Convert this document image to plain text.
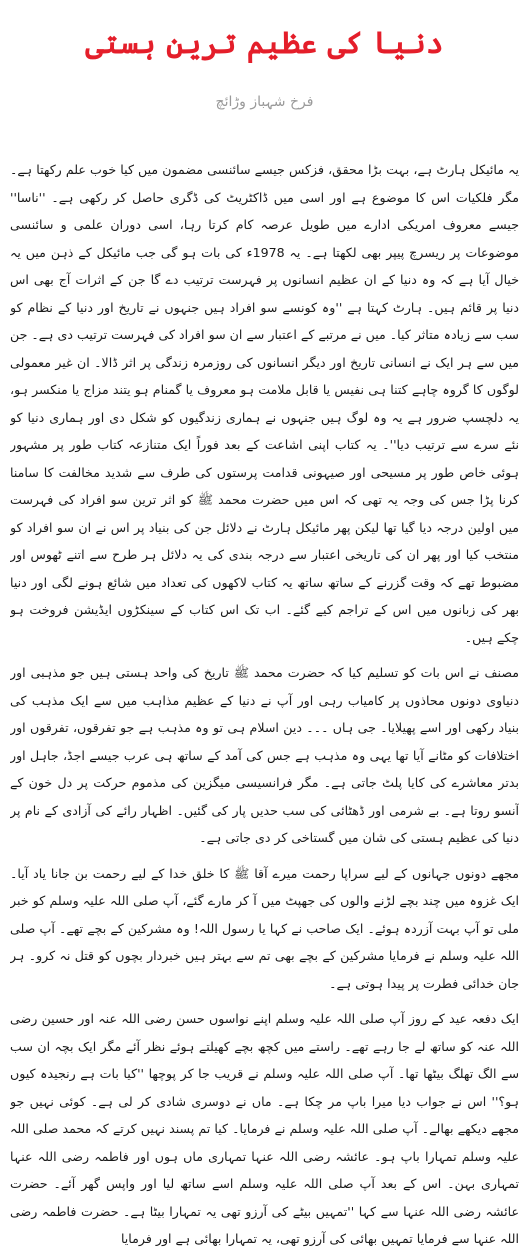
دنیا کی عظیم ترین ہستی
فرخ شہباز وڑائچ

یہ مائیکل ہارٹ ہے، بہت بڑا محقق، فزکس جیسے سائنسی مضمون میں کیا خوب علم رکھتا ہے۔ مگر فلکیات اس کا موضوع ہے اور اسی میں ڈاکٹریٹ کی ڈگری حاصل کر رکھی ہے۔ ''ناسا'' جیسے معروف امریکی ادارے میں طویل عرصہ کام کرتا رہا، اسی دوران علمی و سائنسی موضوعات پر ریسرچ پیپر بھی لکھتا ہے۔ یہ 1978ء کی بات ہو گی جب مائیکل کے ذہن میں یہ خیال آیا ہے کہ وہ دنیا کے ان عظیم انسانوں پر فہرست ترتیب دے گا جن کے اثرات آج بھی اس دنیا پر قائم ہیں۔ ہارٹ کہتا ہے ''وہ کونسے سو افراد ہیں جنہوں نے تاریخ اور دنیا کے نظام کو سب سے زیادہ متاثر کیا۔ میں نے مرتبے کے اعتبار سے ان سو افراد کی فہرست ترتیب دی ہے۔ جن میں سے ہر ایک نے انسانی تاریخ اور دیگر انسانوں کی روزمرہ زندگی پر اثر ڈالا۔ ان غیر معمولی لوگوں کا گروہ چاہے کتنا ہی نفیس یا قابل ملامت ہو معروف یا گمنام ہو یتند مزاج یا منکسر ہو، یہ دلچسپ ضرور ہے یہ وہ لوگ ہیں جنہوں نے ہماری زندگیوں کو شکل دی اور ہماری دنیا کو نئے سرے سے ترتیب دیا''۔ یہ کتاب اپنی اشاعت کے بعد فوراً ایک متنازعہ کتاب طور پر مشہور ہوئی خاص طور پر مسیحی اور صیہونی قدامت پرستوں کی طرف سے شدید مخالفت کا سامنا کرنا پڑا جس کی وجہ یہ تھی کہ اس میں حضرت محمد ﷺ کو اثر ترین سو افراد کی فہرست میں اولین درجہ دیا گیا تھا لیکن پھر مائیکل ہارٹ نے دلائل جن کی بنیاد پر اس نے ان سو افراد کو منتخب کیا اور پھر ان کی تاریخی اعتبار سے درجہ بندی کی یہ دلائل ہر طرح سے اتنے ٹھوس اور مضبوط تھے کہ وقت گزرنے کے ساتھ ساتھ یہ کتاب لاکھوں کی تعداد میں شائع ہونے لگی اور دنیا بھر کی زبانوں میں اس کے تراجم کیے گئے۔ اب تک اس کتاب کے سینکڑوں ایڈیشن فروخت ہو چکے ہیں۔

مصنف نے اس بات کو تسلیم کیا کہ حضرت محمد ﷺ تاریخ کی واحد ہستی ہیں جو مذہبی اور دنیاوی دونوں محاذوں پر کامیاب رہی اور آپ نے دنیا کے عظیم مذاہب میں سے ایک مذہب کی بنیاد رکھی اور اسے پھیلایا۔ جی ہاں ۔۔۔ دین اسلام ہی تو وہ مذہب ہے جو تفرقوں، تفرقوں اور اختلافات کو مٹانے آیا تھا یہی وہ مذہب ہے جس کی آمد کے ساتھ ہی عرب جیسے اجڈ، جاہل اور بدتر معاشرے کی کایا پلٹ جاتی ہے۔ مگر فرانسیسی میگزین کی مذموم حرکت پر دل خون کے آنسو روتا ہے۔ بے شرمی اور ڈھٹائی کی سب حدیں پار کی گئیں۔ اظہار رائے کی آزادی کے نام پر دنیا کی عظیم ہستی کی شان میں گستاخی کر دی جاتی ہے۔

مجھے دونوں جہانوں کے لیے سراپا رحمت میرے آقا ﷺ کا خلق خدا کے لیے رحمت بن جانا یاد آیا۔ ایک غزوہ میں چند بچے لڑنے والوں کی جھپٹ میں آ کر مارے گئے، آپ صلی اللہ علیہ وسلم کو خبر ملی تو آپ بہت آزردہ ہوئے۔ ایک صاحب نے کہا یا رسول اللہ! وہ مشرکین کے بچے تھے۔ آپ صلی اللہ علیہ وسلم نے فرمایا مشرکین کے بچے بھی تم سے بہتر ہیں خبردار بچوں کو قتل نہ کرو۔ ہر جان خدائی فطرت پر پیدا ہوتی ہے۔

ایک دفعہ عید کے روز آپ صلی اللہ علیہ وسلم اپنے نواسوں حسن رضی اللہ عنہ اور حسین رضی اللہ عنہ کو ساتھ لے جا رہے تھے۔ راستے میں کچھ بچے کھیلتے ہوئے نظر آئے مگر ایک بچہ ان سب سے الگ تھلگ بیٹھا تھا۔ آپ صلی اللہ علیہ وسلم نے قریب جا کر پوچھا ''کیا بات ہے رنجیدہ کیوں ہو؟'' اس نے جواب دیا میرا باپ مر چکا ہے۔ ماں نے دوسری شادی کر لی ہے۔ کوئی نہیں جو مجھے دیکھے بھالے۔ آپ صلی اللہ علیہ وسلم نے فرمایا۔ کیا تم پسند نہیں کرتے کہ محمد صلی اللہ علیہ وسلم تمہارا باپ ہو۔ عائشہ رضی اللہ عنہا تمہاری ماں ہوں اور فاطمہ رضی اللہ عنہا تمہاری بہن۔ اس کے بعد آپ صلی اللہ علیہ وسلم اسے ساتھ لیا اور واپس گھر آئے۔ حضرت عائشہ رضی اللہ عنہا سے کہا ''تمہیں بیٹے کی آرزو تھی یہ تمہارا بیٹا ہے۔ حضرت فاطمہ رضی اللہ عنہا سے فرمایا تمہیں بھائی کی آرزو تھی، یہ تمہارا بھائی ہے اور فرمایا
